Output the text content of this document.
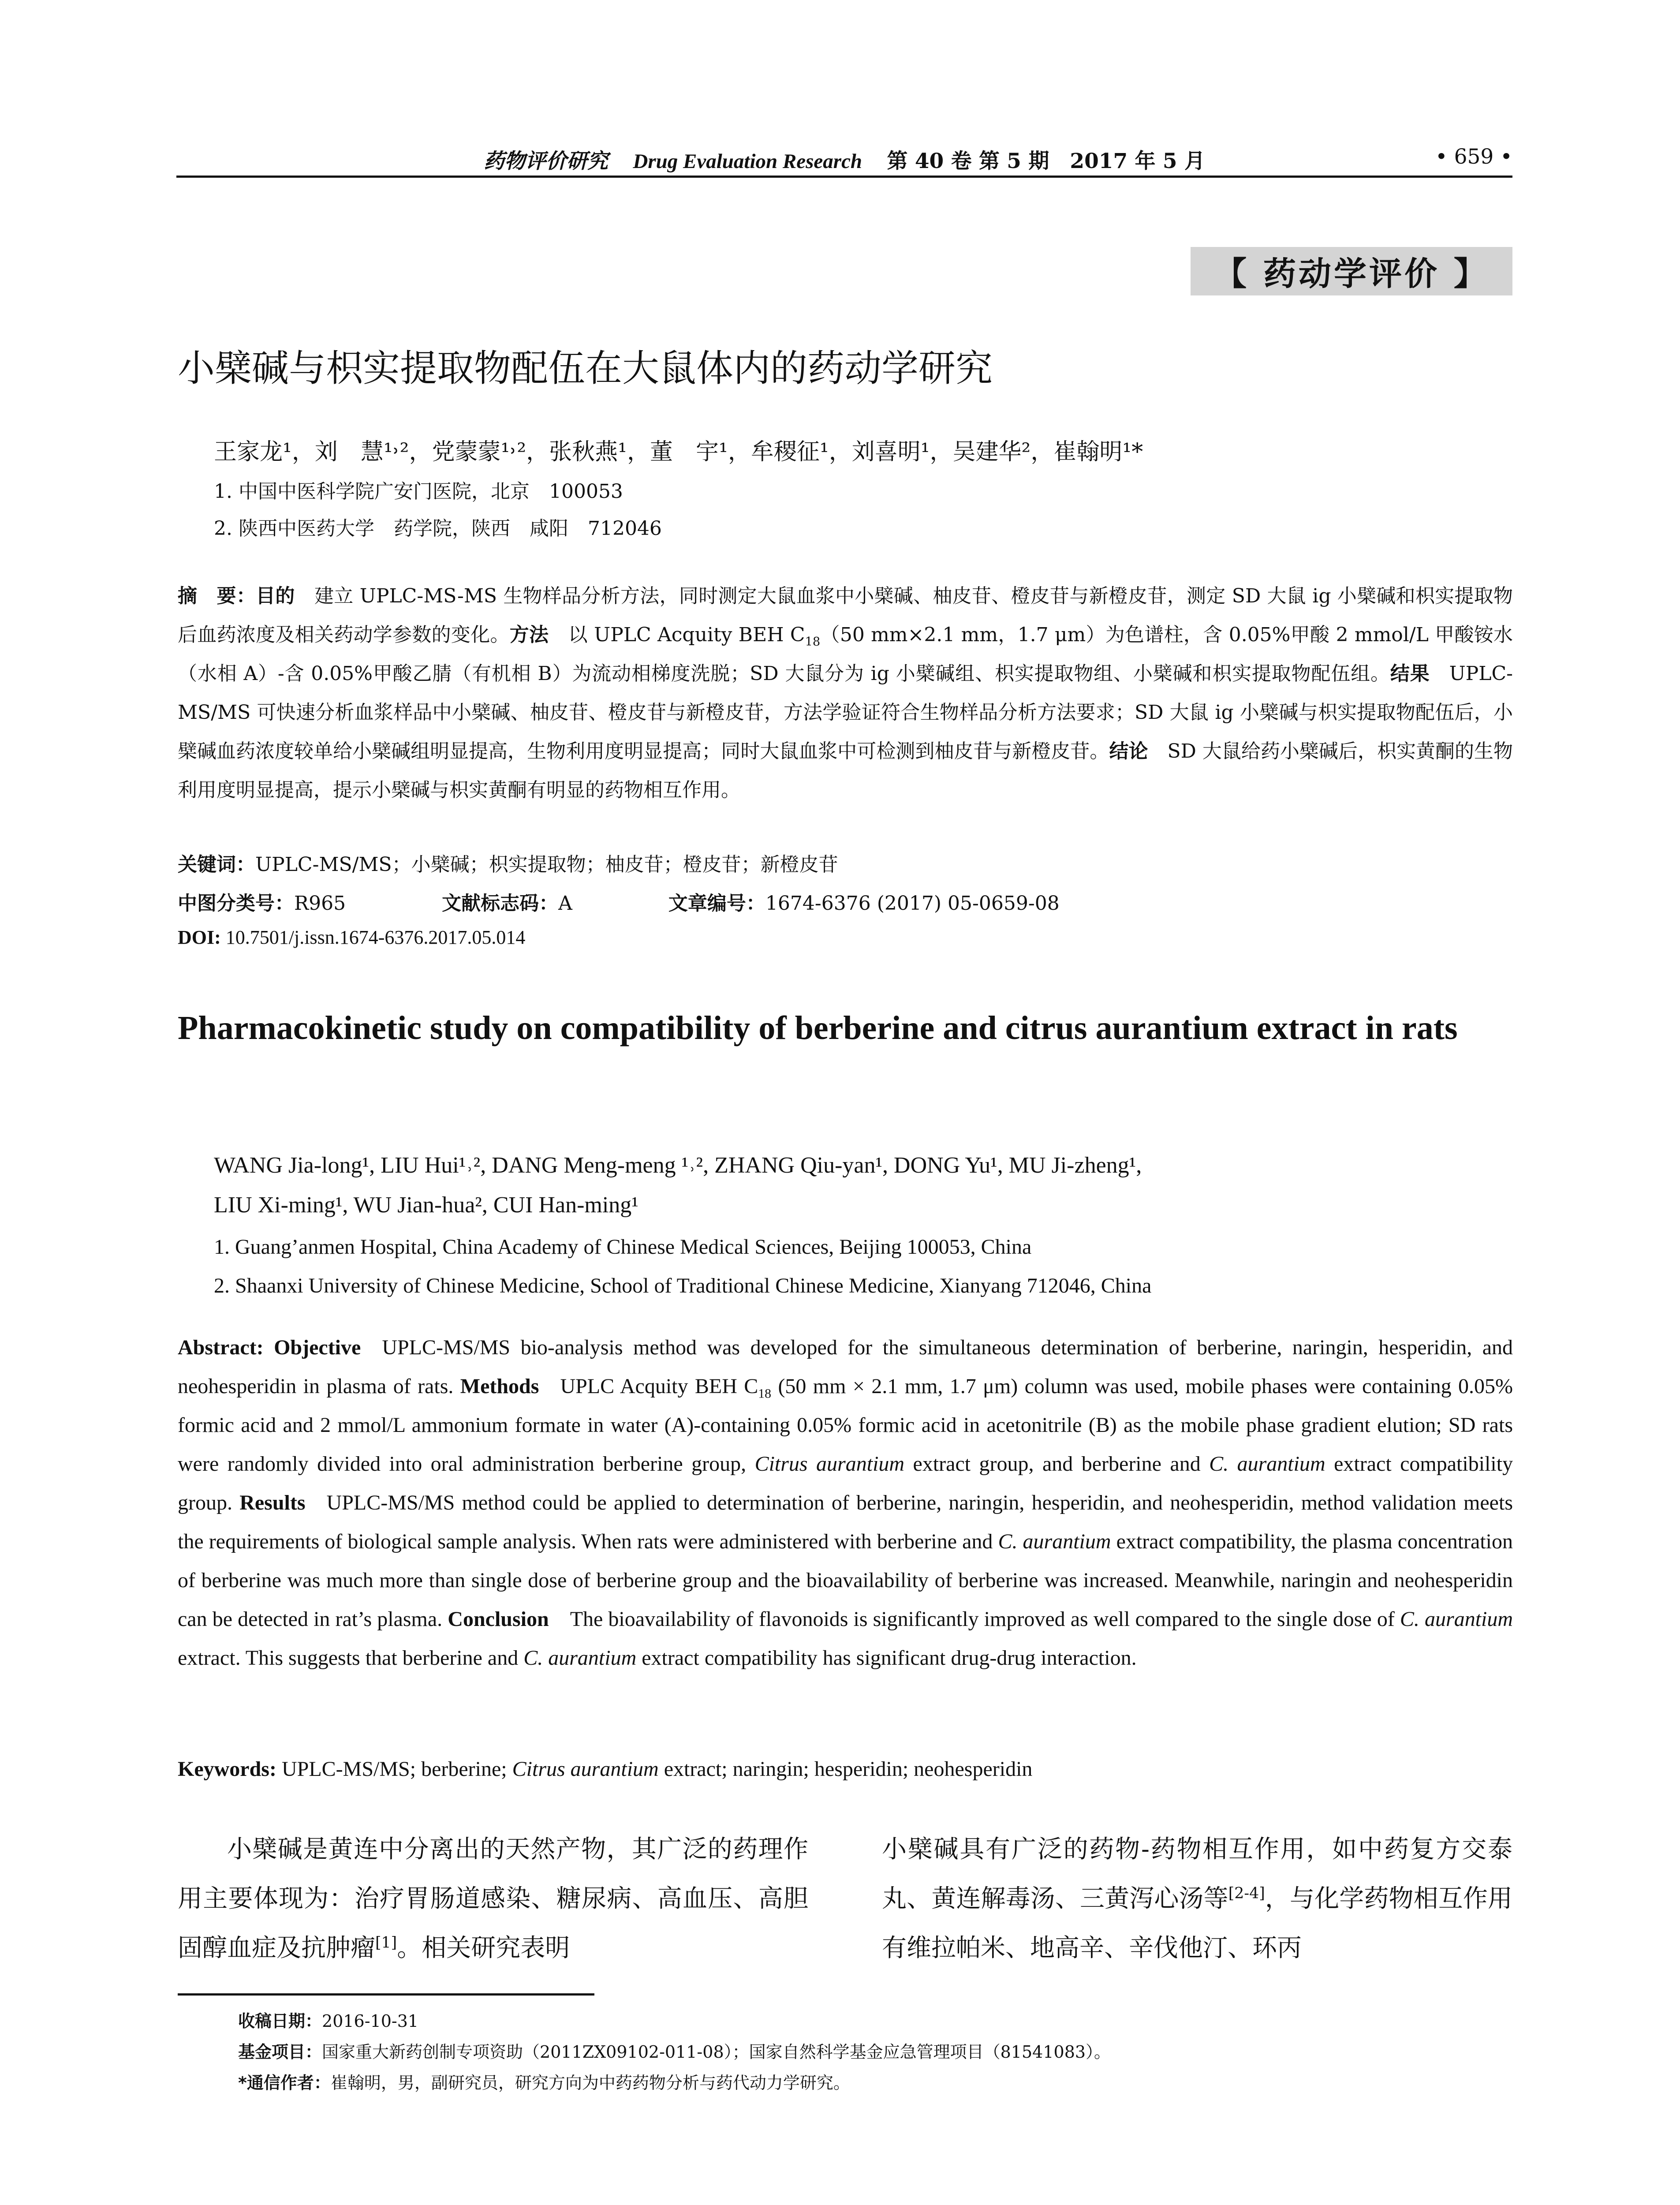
药物评价研究 Drug Evaluation Research 第 40 卷 第 5 期　2017 年 5 月	• 659 •
【 药动学评价 】
小檗碱与枳实提取物配伍在大鼠体内的药动学研究
王家龙¹，刘　慧¹˒²，党蒙蒙¹˒²，张秋燕¹，董　宇¹，牟稷征¹，刘喜明¹，吴建华²，崔翰明¹*
1. 中国中医科学院广安门医院，北京　100053
2. 陕西中医药大学　药学院，陕西　咸阳　712046
摘　要：目的  建立 UPLC-MS-MS 生物样品分析方法，同时测定大鼠血浆中小檗碱、柚皮苷、橙皮苷与新橙皮苷，测定 SD 大鼠 ig 小檗碱和枳实提取物后血药浓度及相关药动学参数的变化。方法  以 UPLC Acquity BEH $C_{18}(50$ mm×2.1 mm，1.7 μm）为色谱柱，含 0.05%甲酸 2 mmol/L 甲酸铵水（水相 A）-含 0.05%甲酸乙腈（有机相 B）为流动相梯度洗脱；SD 大鼠分为 ig 小檗碱组、枳实提取物组、小檗碱和枳实提取物配伍组。结果  UPLC-MS/MS 可快速分析血浆样品中小檗碱、柚皮苷、橙皮苷与新橙皮苷，方法学验证符合生物样品分析方法要求；SD 大鼠 ig 小檗碱与枳实提取物配伍后，小檗碱血药浓度较单给小檗碱组明显提高，生物利用度明显提高；同时大鼠血浆中可检测到柚皮苷与新橙皮苷。结论  SD 大鼠给药小檗碱后，枳实黄酮的生物利用度明显提高，提示小檗碱与枳实黄酮有明显的药物相互作用。
关键词：UPLC-MS/MS；小檗碱；枳实提取物；柚皮苷；橙皮苷；新橙皮苷
中图分类号：R965	文献标志码：A	文章编号：1674-6376 (2017) 05-0659-08
DOI: 10.7501/j.issn.1674-6376.2017.05.014
Pharmacokinetic study on compatibility of berberine and citrus aurantium extract in rats
WANG Jia-long¹, LIU Hui¹˒², DANG Meng-meng ¹˒², ZHANG Qiu-yan¹, DONG Yu¹, MU Ji-zheng¹,
LIU Xi-ming¹, WU Jian-hua², CUI Han-ming¹
1. Guang’anmen Hospital, China Academy of Chinese Medical Sciences, Beijing 100053, China
2. Shaanxi University of Chinese Medicine, School of Traditional Chinese Medicine, Xianyang 712046, China
Abstract: Objective  UPLC-MS/MS bio-analysis method was developed for the simultaneous determination of berberine, naringin, hesperidin, and neohesperidin in plasma of rats. Methods  UPLC Acquity BEH $C_{18}$ (50 mm × 2.1 mm, 1.7 μm) column was used, mobile phases were containing 0.05% formic acid and 2 mmol/L ammonium formate in water (A)-containing 0.05% formic acid in acetonitrile (B) as the mobile phase gradient elution; SD rats were randomly divided into oral administration berberine group, Citrus aurantium extract group, and berberine and C. aurantium extract compatibility group. Results  UPLC-MS/MS method could be applied to determination of berberine, naringin, hesperidin, and neohesperidin, method validation meets the requirements of biological sample analysis. When rats were administered with berberine and C. aurantium extract compatibility, the plasma concentration of berberine was much more than single dose of berberine group and the bioavailability of berberine was increased. Meanwhile, naringin and neohesperidin can be detected in rat’s plasma. Conclusion  The bioavailability of flavonoids is significantly improved as well compared to the single dose of C. aurantium extract. This suggests that berberine and C. aurantium extract compatibility has significant drug-drug interaction.
Keywords: UPLC-MS/MS; berberine; Citrus aurantium extract; naringin; hesperidin; neohesperidin
小檗碱是黄连中分离出的天然产物，其广泛的药理作用主要体现为：治疗胃肠道感染、糖尿病、高血压、高胆固醇血症及抗肿瘤[1]。相关研究表明
小檗碱具有广泛的药物-药物相互作用，如中药复方交泰丸、黄连解毒汤、三黄泻心汤等[2-4]，与化学药物相互作用有维拉帕米、地高辛、辛伐他汀、环丙
收稿日期：2016-10-31
基金项目：国家重大新药创制专项资助（2011ZX09102-011-08）；国家自然科学基金应急管理项目（81541083）。
*通信作者：崔翰明，男，副研究员，研究方向为中药药物分析与药代动力学研究。
